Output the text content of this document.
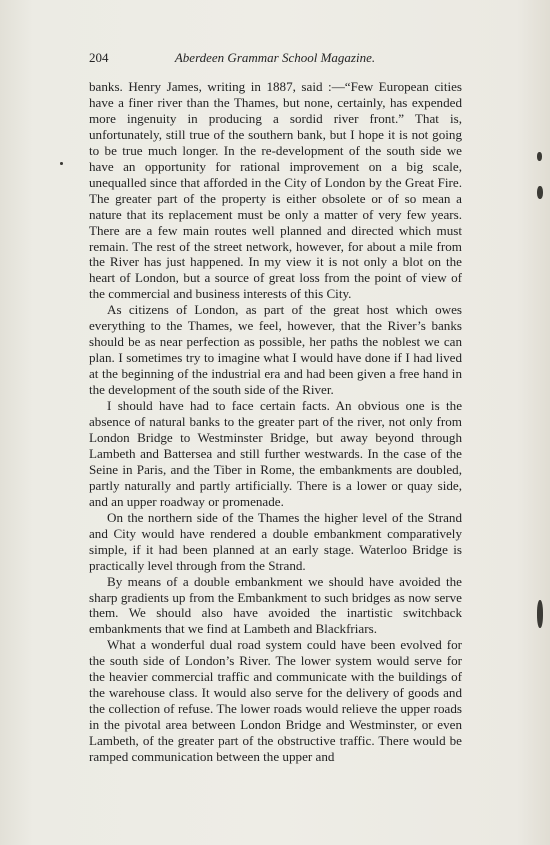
204	Aberdeen Grammar School Magazine.

banks. Henry James, writing in 1887, said :—“Few European cities have a finer river than the Thames, but none, certainly, has expended more ingenuity in producing a sordid river front.” That is, unfortunately, still true of the southern bank, but I hope it is not going to be true much longer. In the re-development of the south side we have an opportunity for rational improvement on a big scale, unequalled since that afforded in the City of London by the Great Fire. The greater part of the property is either obsolete or of so mean a nature that its replacement must be only a matter of very few years. There are a few main routes well planned and directed which must remain. The rest of the street network, however, for about a mile from the River has just happened. In my view it is not only a blot on the heart of London, but a source of great loss from the point of view of the commercial and business interests of this City.

As citizens of London, as part of the great host which owes everything to the Thames, we feel, however, that the River’s banks should be as near perfection as possible, her paths the noblest we can plan. I sometimes try to imagine what I would have done if I had lived at the beginning of the industrial era and had been given a free hand in the development of the south side of the River.

I should have had to face certain facts. An obvious one is the absence of natural banks to the greater part of the river, not only from London Bridge to Westminster Bridge, but away beyond through Lambeth and Battersea and still further westwards. In the case of the Seine in Paris, and the Tiber in Rome, the embankments are doubled, partly naturally and partly artificially. There is a lower or quay side, and an upper roadway or promenade.

On the northern side of the Thames the higher level of the Strand and City would have rendered a double embankment comparatively simple, if it had been planned at an early stage. Waterloo Bridge is practically level through from the Strand.

By means of a double embankment we should have avoided the sharp gradients up from the Embankment to such bridges as now serve them. We should also have avoided the inartistic switchback embankments that we find at Lambeth and Blackfriars.

What a wonderful dual road system could have been evolved for the south side of London’s River. The lower system would serve for the heavier commercial traffic and communicate with the buildings of the warehouse class. It would also serve for the delivery of goods and the collection of refuse. The lower roads would relieve the upper roads in the pivotal area between London Bridge and Westminster, or even Lambeth, of the greater part of the obstructive traffic. There would be ramped communication between the upper and
